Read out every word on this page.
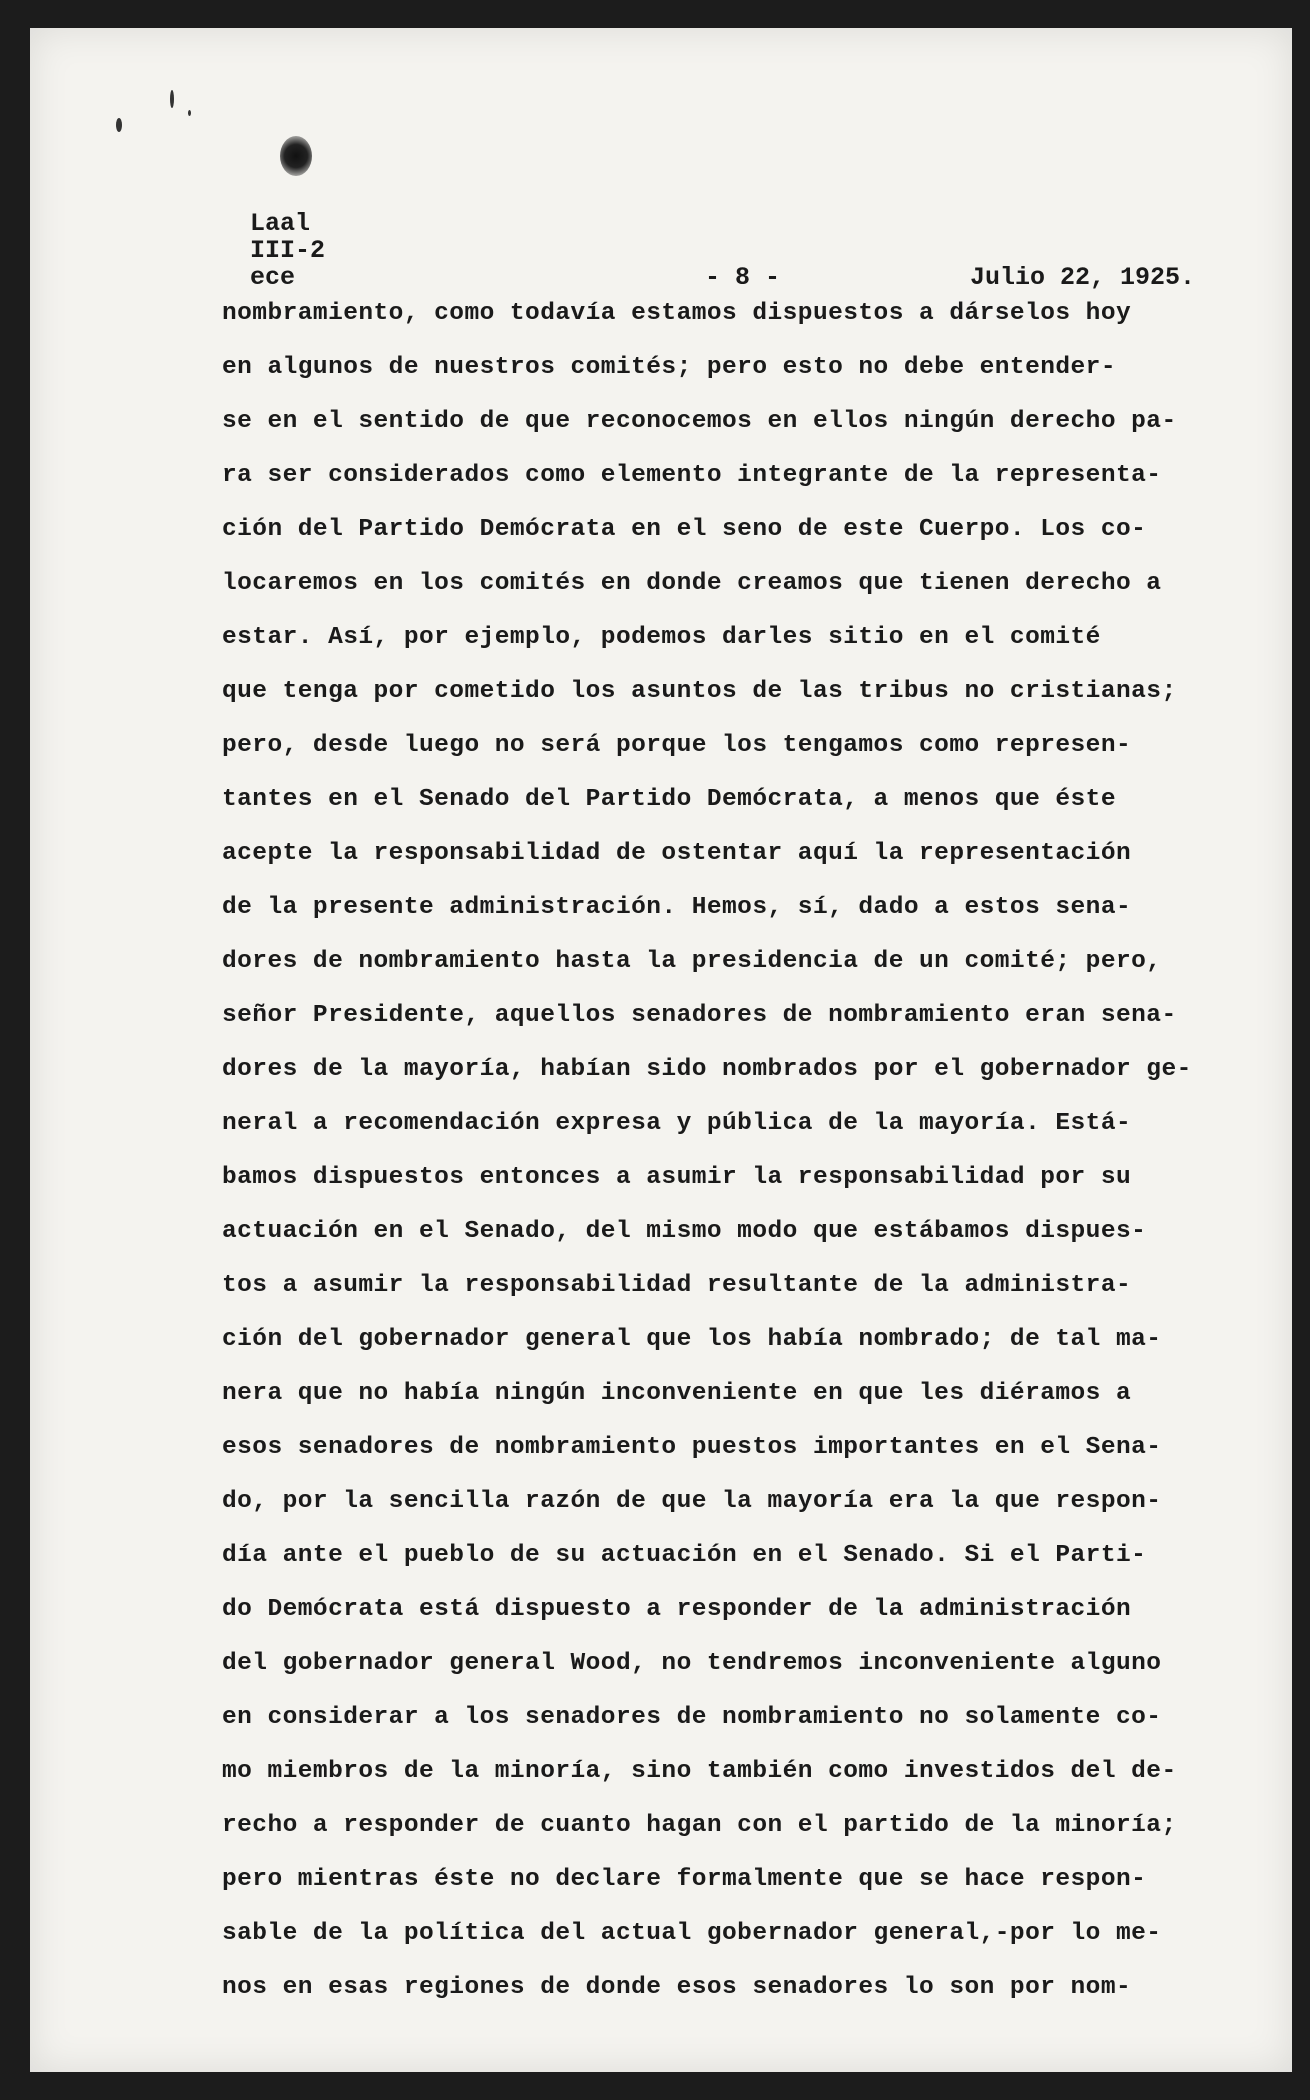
Laal
III-2
ece	- 8 -	Julio 22, 1925.
nombramiento, como todavía estamos dispuestos a dárselos hoy
en algunos de nuestros comités; pero esto no debe entender-
se en el sentido de que reconocemos en ellos ningún derecho pa-
ra ser considerados como elemento integrante de la representa-
ción del Partido Demócrata en el seno de este Cuerpo. Los co-
locaremos en los comités en donde creamos que tienen derecho a
estar. Así, por ejemplo, podemos darles sitio en el comité
que tenga por cometido los asuntos de las tribus no cristianas;
pero, desde luego no será porque los tengamos como represen-
tantes en el Senado del Partido Demócrata, a menos que éste
acepte la responsabilidad de ostentar aquí la representación
de la presente administración. Hemos, sí, dado a estos sena-
dores de nombramiento hasta la presidencia de un comité; pero,
señor Presidente, aquellos senadores de nombramiento eran sena-
dores de la mayoría, habían sido nombrados por el gobernador ge-
neral a recomendación expresa y pública de la mayoría. Está-
bamos dispuestos entonces a asumir la responsabilidad por su
actuación en el Senado, del mismo modo que estábamos dispues-
tos a asumir la responsabilidad resultante de la administra-
ción del gobernador general que los había nombrado; de tal ma-
nera que no había ningún inconveniente en que les diéramos a
esos senadores de nombramiento puestos importantes en el Sena-
do, por la sencilla razón de que la mayoría era la que respon-
día ante el pueblo de su actuación en el Senado. Si el Parti-
do Demócrata está dispuesto a responder de la administración
del gobernador general Wood, no tendremos inconveniente alguno
en considerar a los senadores de nombramiento no solamente co-
mo miembros de la minoría, sino también como investidos del de-
recho a responder de cuanto hagan con el partido de la minoría;
pero mientras éste no declare formalmente que se hace respon-
sable de la política del actual gobernador general,-por lo me-
nos en esas regiones de donde esos senadores lo son por nom-
